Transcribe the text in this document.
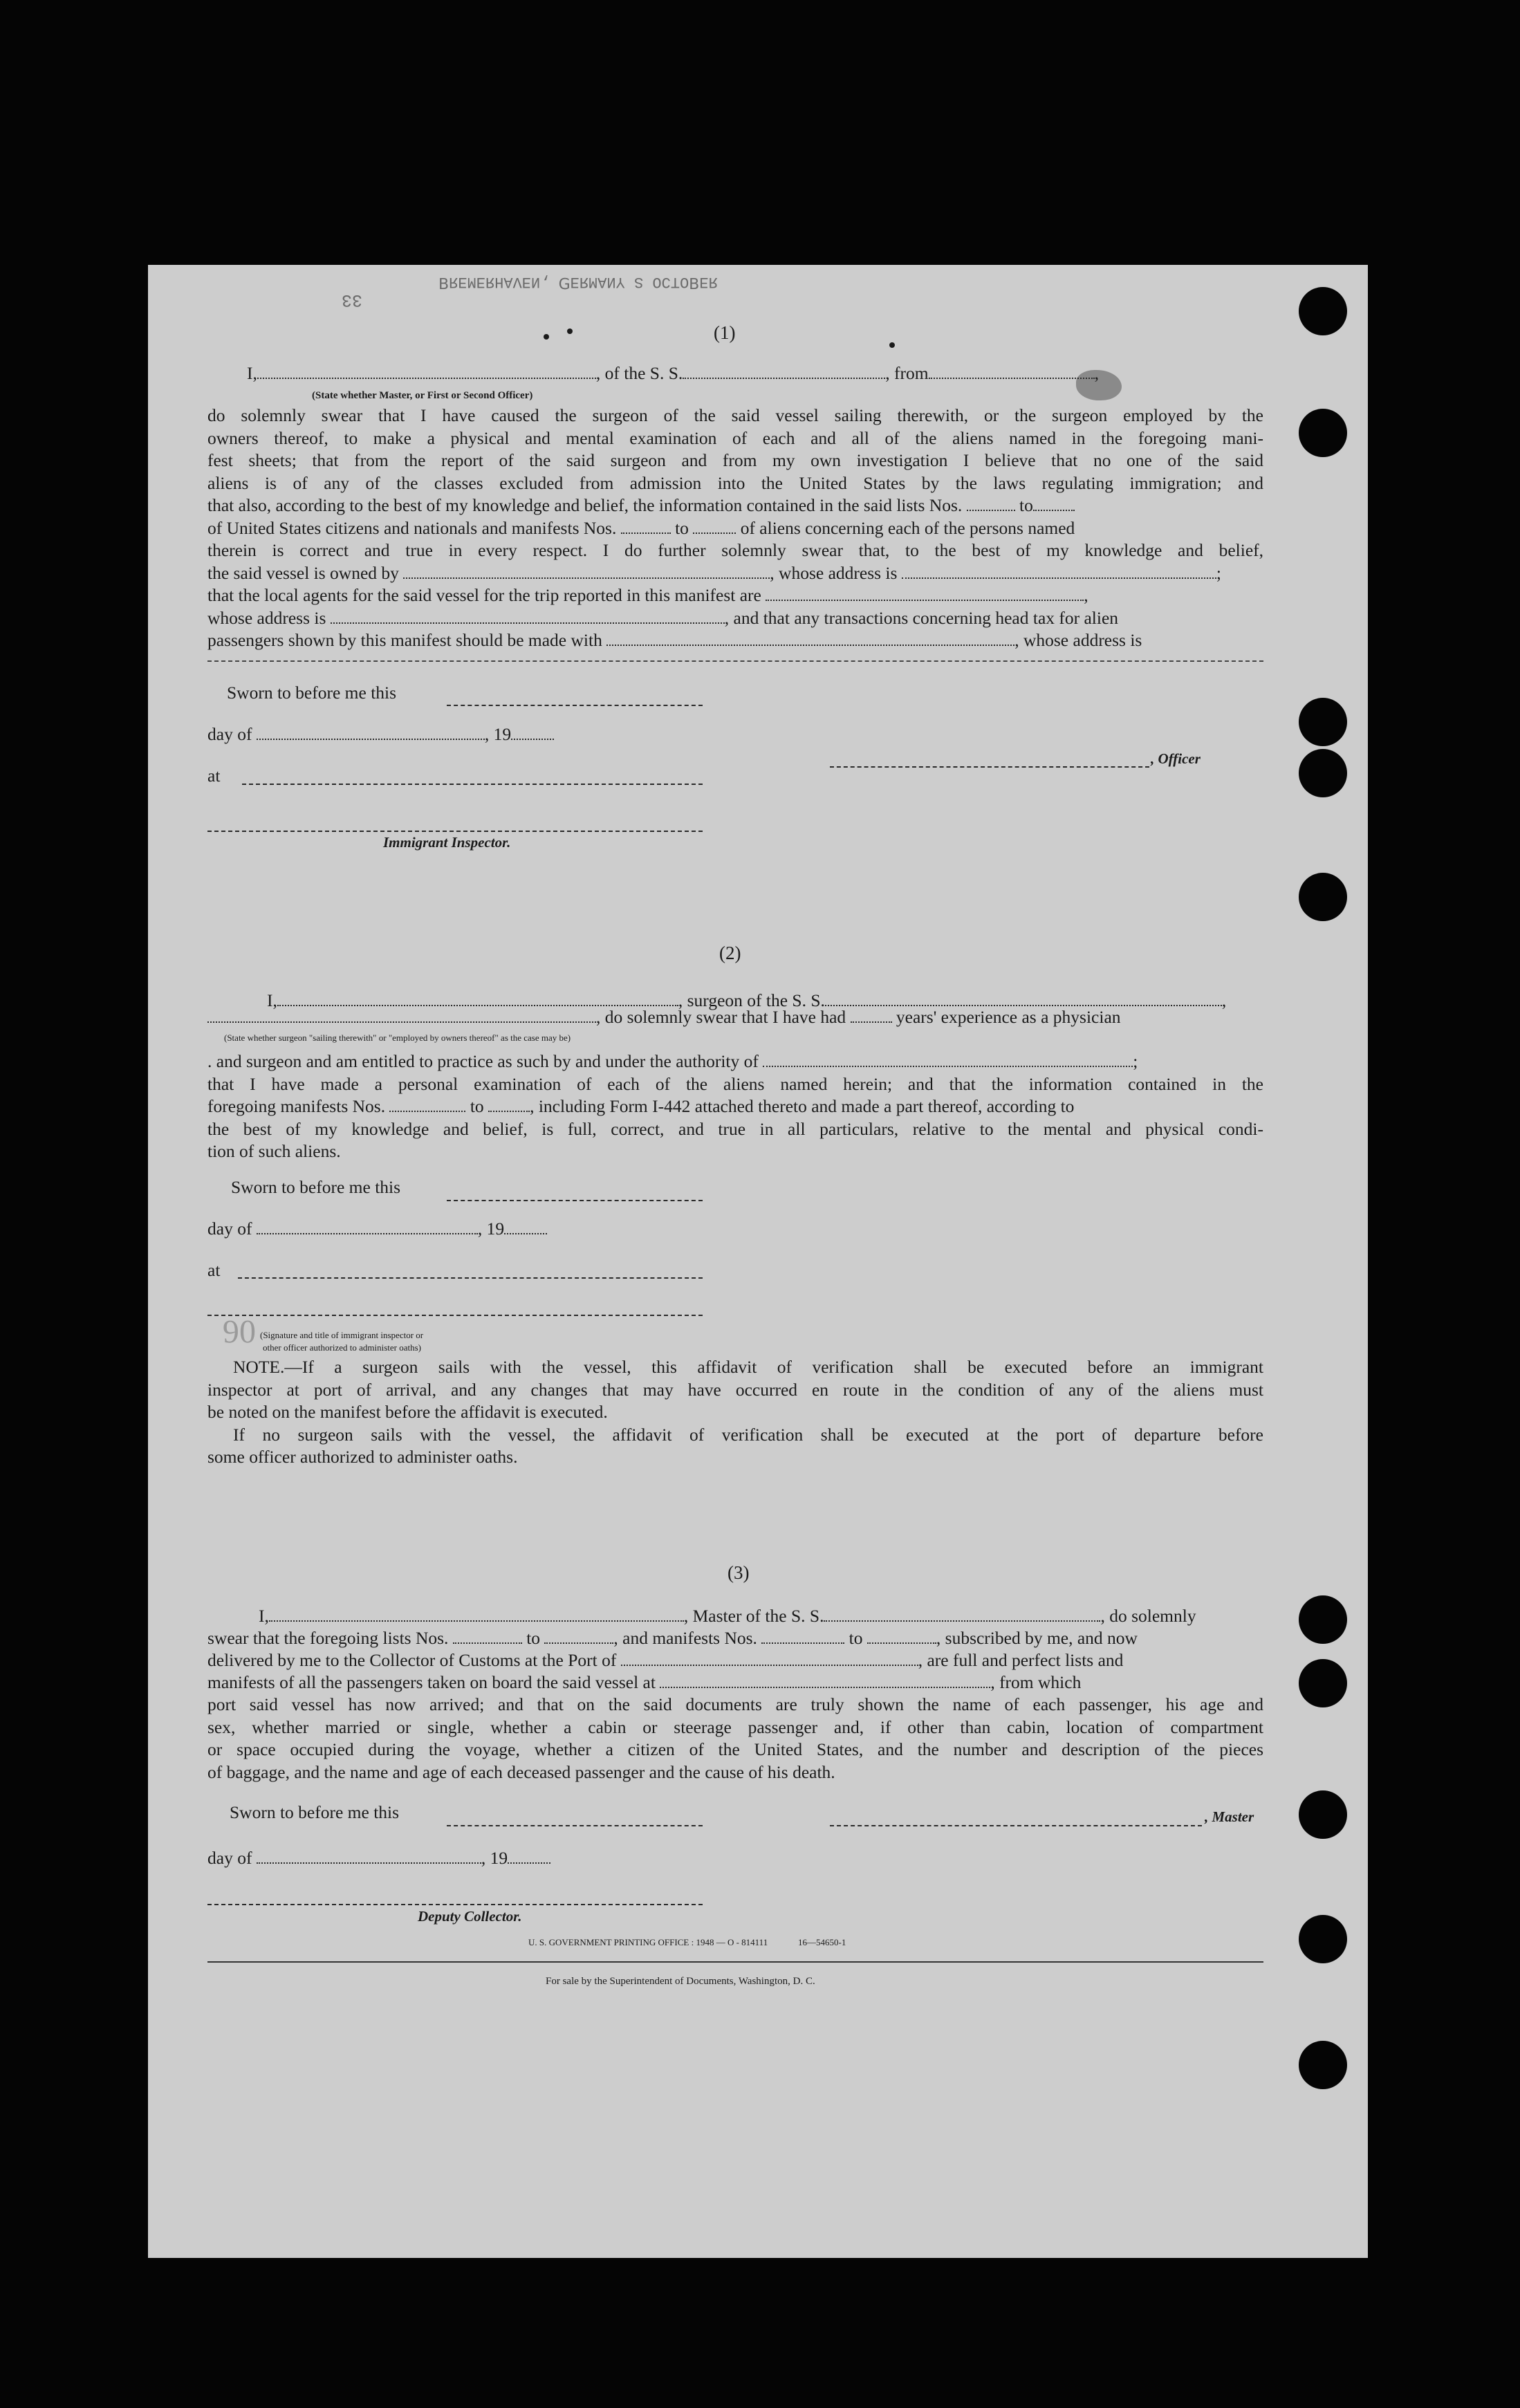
33
ЯƎꓭOTƆO S YИAMЯƎꓨ ,ИƎVAHЯƎMƎЯꓭ
06
(1)
I,	, of the S. S.	, from	,
(State whether Master, or First or Second Officer)

do solemnly swear that I have caused the surgeon of the said vessel sailing therewith, or the surgeon employed by the

owners thereof, to make a physical and mental examination of each and all of the aliens named in the foregoing mani-

fest sheets; that from the report of the said surgeon and from my own investigation I believe that no one of the said

aliens is of any of the classes excluded from admission into the United States by the laws regulating immigration; and

that also, according to the best of my knowledge and belief, the information contained in the said lists Nos.	to
of United States citizens and nationals and manifests Nos.	to	of aliens concerning each of the persons named

therein is correct and true in every respect. I do further solemnly swear that, to the best of my knowledge and belief,

the said vessel is owned by	, whose address is	;
that the local agents for the said vessel for the trip reported in this manifest are	,
whose address is	, and that any transactions concerning head tax for alien
passengers shown by this manifest should be made with	, whose address is
Sworn to before me this
day of	, 19
at
, Officer
Immigrant Inspector.
(2)
I,	, surgeon of the S. S.	,
, do solemnly swear that I have had	years' experience as a physician
(State whether surgeon "sailing therewith" or "employed by owners thereof" as the case may be)
. and surgeon and am entitled to practice as such by and under the authority of	;

that I have made a personal examination of each of the aliens named herein; and that the information contained in the

foregoing manifests Nos.	to	, including Form I-442 attached thereto and made a part thereof, according to

the best of my knowledge and belief, is full, correct, and true in all particulars, relative to the mental and physical condi-

tion of such aliens.

Sworn to before me this
day of	, 19
at
(Signature and title of immigrant inspector or
other officer authorized to administer oaths)

NOTE.—If a surgeon sails with the vessel, this affidavit of verification shall be executed before an immigrant

inspector at port of arrival, and any changes that may have occurred en route in the condition of any of the aliens must

be noted on the manifest before the affidavit is executed.

If no surgeon sails with the vessel, the affidavit of verification shall be executed at the port of departure before

some officer authorized to administer oaths.

(3)
I,	, Master of the S. S.	, do solemnly
swear that the foregoing lists Nos.	to	, and manifests Nos.	to	, subscribed by me, and now
delivered by me to the Collector of Customs at the Port of	, are full and perfect lists and
manifests of all the passengers taken on board the said vessel at	, from which

port said vessel has now arrived; and that on the said documents are truly shown the name of each passenger, his age and

sex, whether married or single, whether a cabin or steerage passenger and, if other than cabin, location of compartment

or space occupied during the voyage, whether a citizen of the United States, and the number and description of the pieces

of baggage, and the name and age of each deceased passenger and the cause of his death.

Sworn to before me this	, Master
day of	, 19
Deputy Collector.
U. S. GOVERNMENT PRINTING OFFICE : 1948 — O - 814111	16—54650-1
For sale by the Superintendent of Documents, Washington, D. C.
